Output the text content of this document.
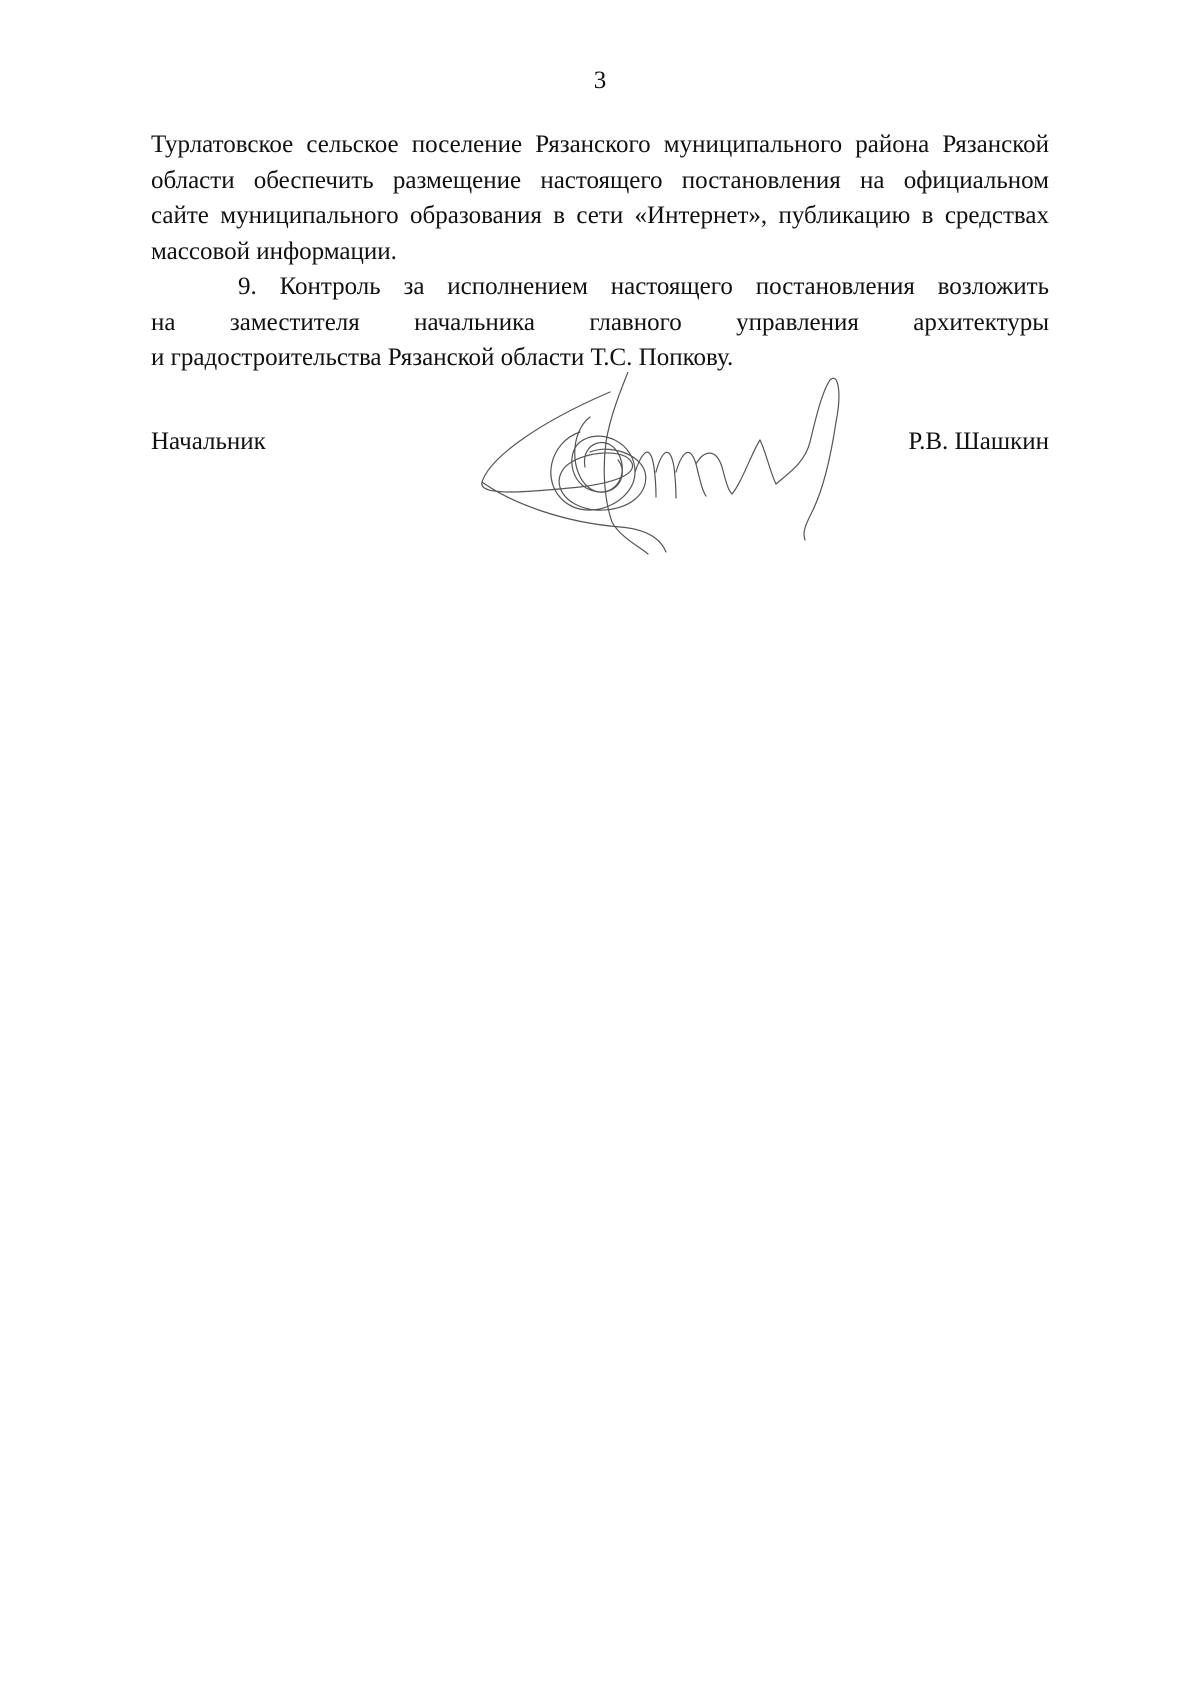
3
Турлатовское сельское поселение Рязанского муниципального района Рязанской
области обеспечить размещение настоящего постановления на официальном
сайте муниципального образования в сети «Интернет», публикацию в средствах
массовой информации.
9. Контроль за исполнением настоящего постановления возложить
на заместителя начальника главного управления архитектуры
и градостроительства Рязанской области Т.С. Попкову.
Начальник	Р.В. Шашкин
